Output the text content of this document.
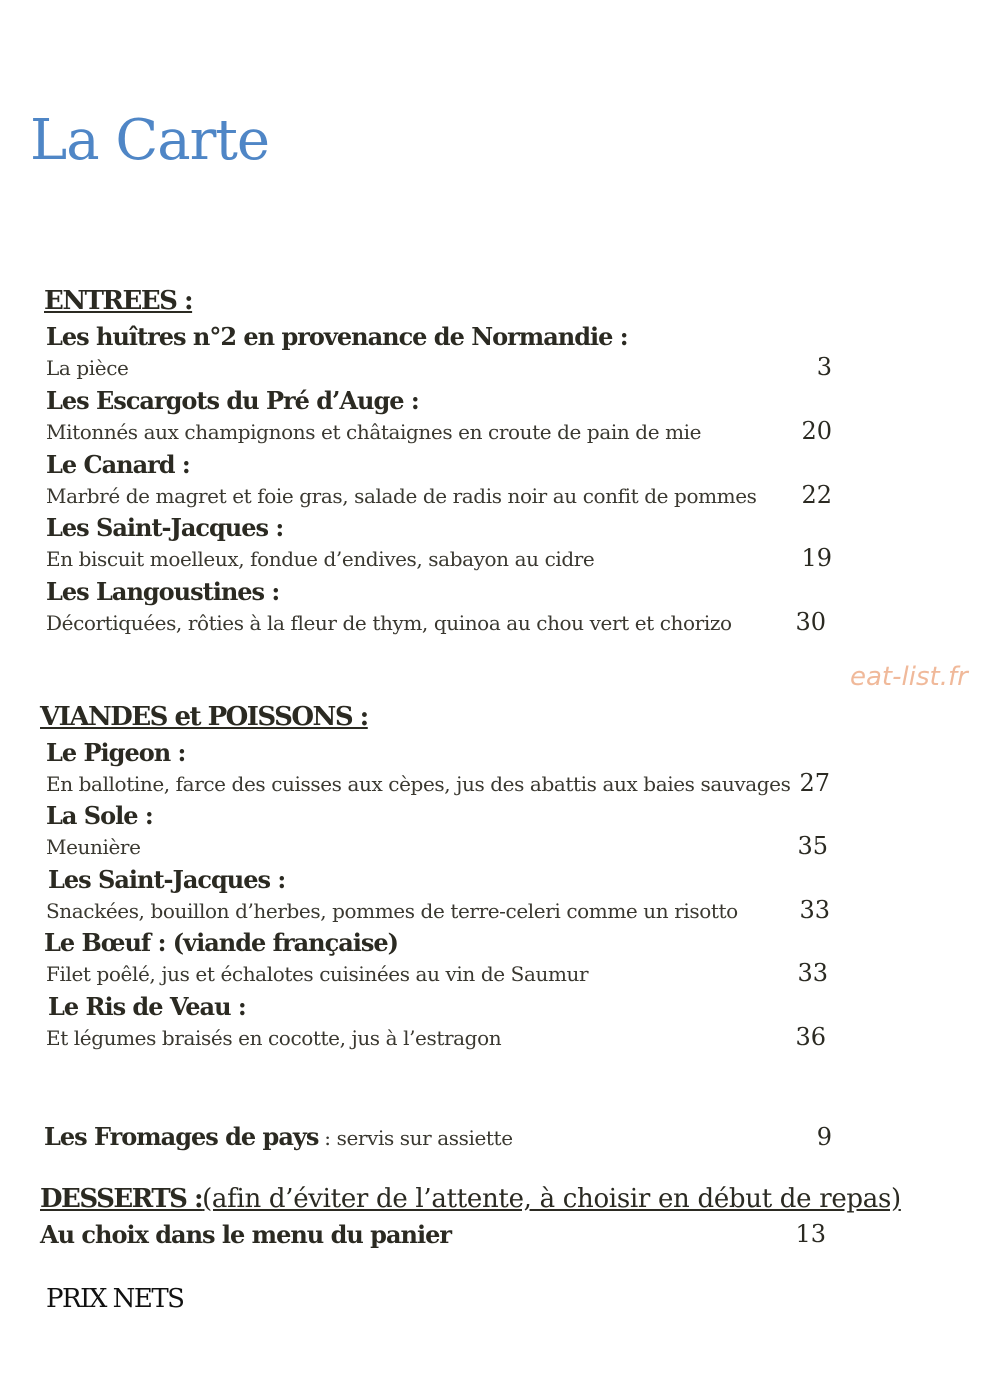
La Carte
ENTREES :
Les huîtres n°2 en provenance de Normandie :
La pièce	3
Les Escargots du Pré d’Auge :
Mitonnés aux champignons et châtaignes en croute de pain de mie	20
Le Canard :
Marbré de magret et foie gras, salade de radis noir au confit de pommes	22
Les Saint-Jacques :
En biscuit moelleux, fondue d’endives, sabayon au cidre	19
Les Langoustines :
Décortiquées, rôties à la fleur de thym, quinoa au chou vert et chorizo	30
eat-list.fr
VIANDES et POISSONS :
Le Pigeon :
En ballotine, farce des cuisses aux cèpes, jus des abattis aux baies sauvages 27
La Sole :
Meunière	35
Les Saint-Jacques :
Snackées, bouillon d’herbes, pommes de terre-celeri comme un risotto	33
Le Bœuf : (viande française)
Filet poêlé, jus et échalotes cuisinées au vin de Saumur	33
Le Ris de Veau :
Et légumes braisés en cocotte, jus à l’estragon	36
Les Fromages de pays : servis sur assiette	9
DESSERTS :(afin d’éviter de l’attente, à choisir en début de repas)
Au choix dans le menu du panier	13
PRIX NETS
